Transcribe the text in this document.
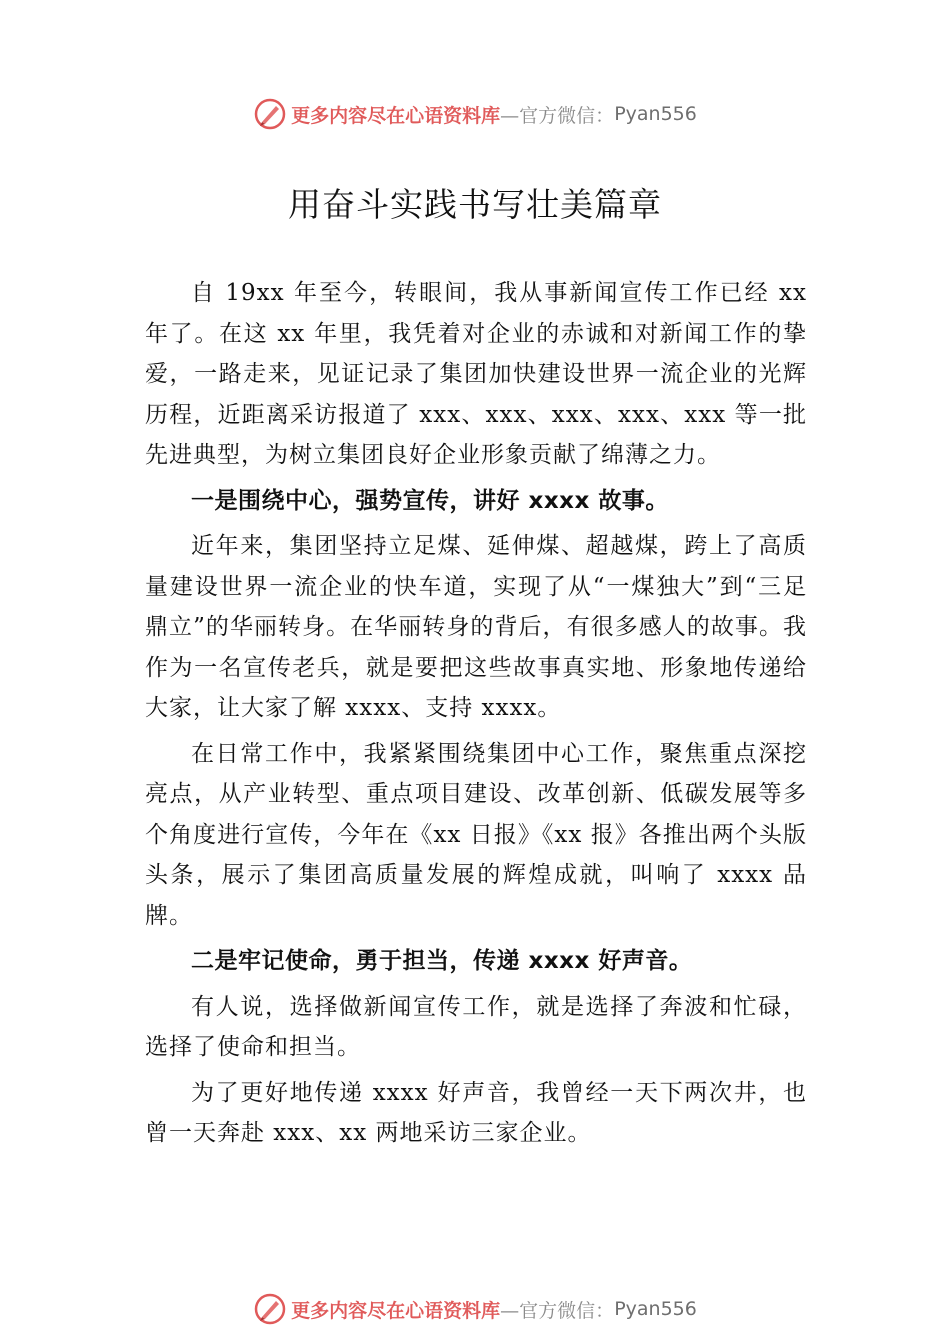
更多内容尽在心语资料库 —官方微信： Pyan556
用奋斗实践书写壮美篇章

自 19xx 年至今，转眼间，我从事新闻宣传工作已经 xx 年了。在这 xx 年里，我凭着对企业的赤诚和对新闻工作的挚爱，一路走来，见证记录了集团加快建设世界一流企业的光辉历程，近距离采访报道了 xxx、xxx、xxx、xxx、xxx 等一批先进典型，为树立集团良好企业形象贡献了绵薄之力。

一是围绕中心，强势宣传，讲好 xxxx 故事。

近年来，集团坚持立足煤、延伸煤、超越煤，跨上了高质量建设世界一流企业的快车道，实现了从“一煤独大”到“三足鼎立”的华丽转身。在华丽转身的背后，有很多感人的故事。我作为一名宣传老兵，就是要把这些故事真实地、形象地传递给大家，让大家了解 xxxx、支持 xxxx。

在日常工作中，我紧紧围绕集团中心工作，聚焦重点深挖亮点，从产业转型、重点项目建设、改革创新、低碳发展等多个角度进行宣传，今年在《xx 日报》《xx 报》各推出两个头版头条，展示了集团高质量发展的辉煌成就，叫响了 xxxx 品牌。

二是牢记使命，勇于担当，传递 xxxx 好声音。

有人说，选择做新闻宣传工作，就是选择了奔波和忙碌，选择了使命和担当。

为了更好地传递 xxxx 好声音，我曾经一天下两次井，也曾一天奔赴 xxx、xx 两地采访三家企业。

更多内容尽在心语资料库 —官方微信： Pyan556
